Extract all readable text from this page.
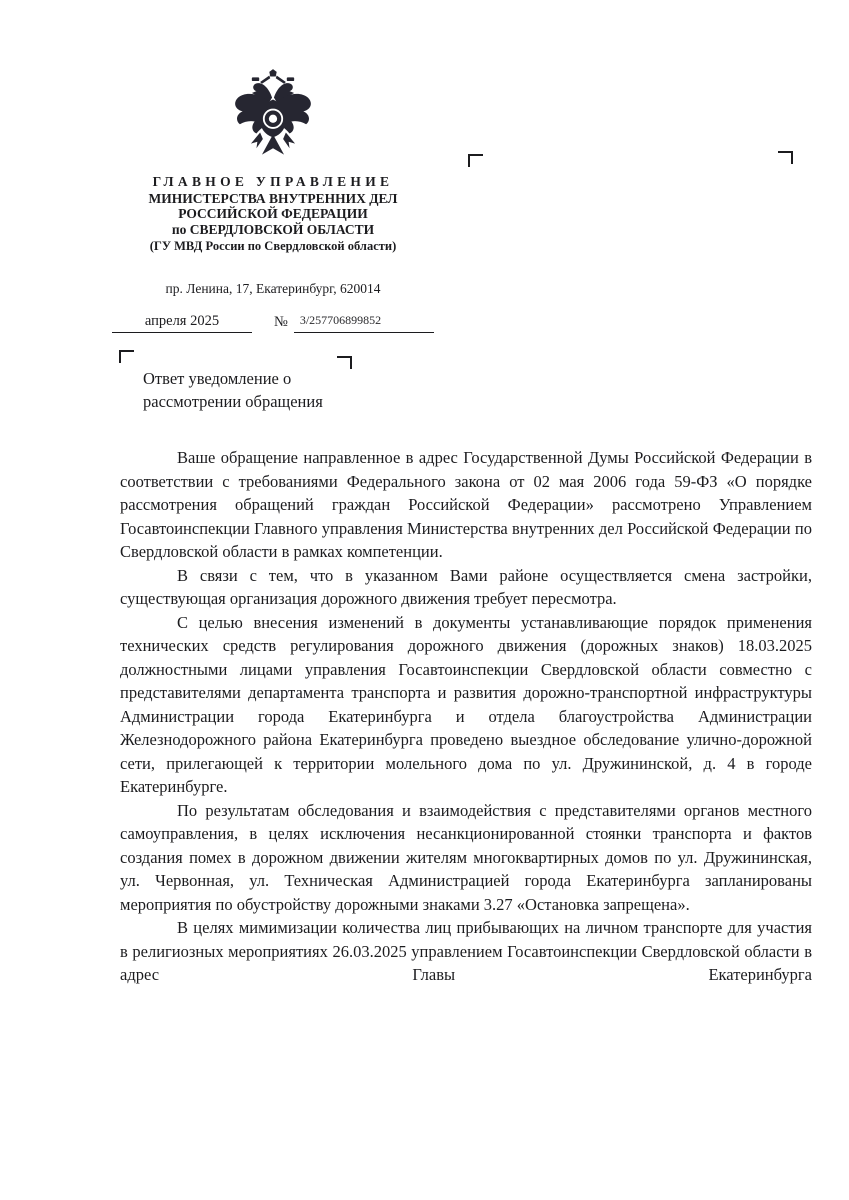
ГЛАВНОЕ УПРАВЛЕНИЕ
МИНИСТЕРСТВА ВНУТРЕННИХ ДЕЛ
РОССИЙСКОЙ ФЕДЕРАЦИИ
по СВЕРДЛОВСКОЙ ОБЛАСТИ
(ГУ МВД России по Свердловской области)
пр. Ленина, 17, Екатеринбург, 620014
апреля 2025	№	3/257706899852
Ответ уведомление о
рассмотрении обращения

Ваше обращение направленное в адрес Государственной Думы Российской Федерации в соответствии с требованиями Федерального закона от 02 мая 2006 года 59-ФЗ «О порядке рассмотрения обращений граждан Российской Федерации» рассмотрено Управлением Госавтоинспекции Главного управления Министерства внутренних дел Российской Федерации по Свердловской области в рамках компетенции.

В связи с тем, что в указанном Вами районе осуществляется смена застройки, существующая организация дорожного движения требует пересмотра.

С целью внесения изменений в документы устанавливающие порядок применения технических средств регулирования дорожного движения (дорожных знаков) 18.03.2025 должностными лицами управления Госавтоинспекции Свердловской области совместно с представителями департамента транспорта и развития дорожно-транспортной инфраструктуры Администрации города Екатеринбурга и отдела благоустройства Администрации Железнодорожного района Екатеринбурга проведено выездное обследование улично-дорожной сети, прилегающей к территории молельного дома по ул. Дружининской, д. 4 в городе Екатеринбурге.

По результатам обследования и взаимодействия с представителями органов местного самоуправления, в целях исключения несанкционированной стоянки транспорта и фактов создания помех в дорожном движении жителям многоквартирных домов по ул. Дружининская, ул. Червонная, ул. Техническая Администрацией города Екатеринбурга запланированы мероприятия по обустройству дорожными знаками 3.27 «Остановка запрещена».

В целях мимимизации количества лиц прибывающих на личном транспорте для участия в религиозных мероприятиях 26.03.2025 управлением Госавтоинспекции Свердловской области в адрес Главы Екатеринбурга
